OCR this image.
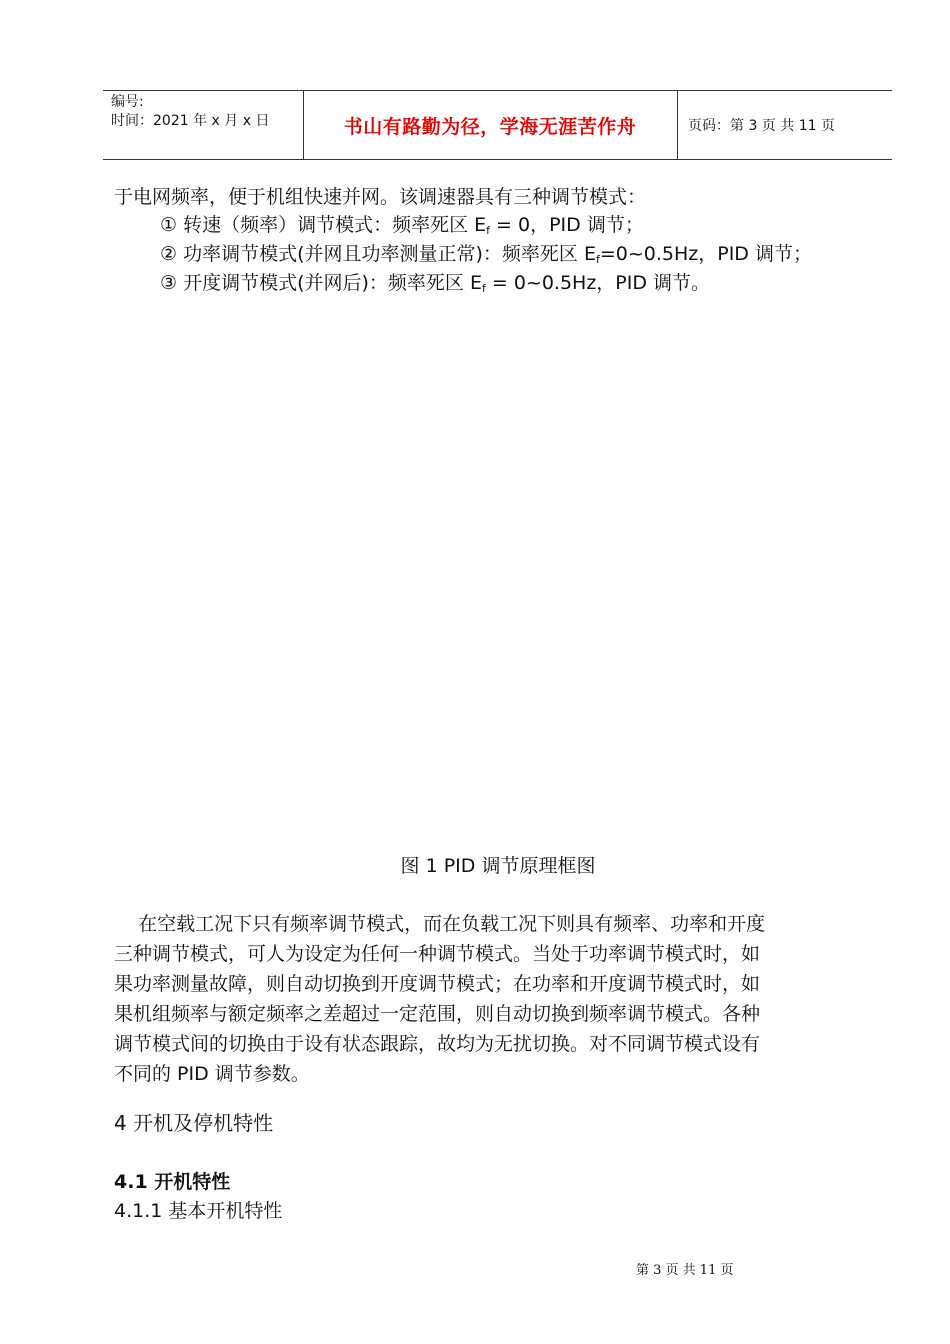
编号:
时间：2021 年 x 月 x 日	书山有路勤为径，学海无涯苦作舟	页码：第 3 页 共 11 页
于电网频率，便于机组快速并网。该调速器具有三种调节模式：
① 转速（频率）调节模式：频率死区 $E_f = 0$，PID 调节；
② 功率调节模式(并网且功率测量正常)：频率死区 $E_f=0\sim 0.5Hz$，PID 调节；
③ 开度调节模式(并网后)：频率死区 $E_f$ = 0~0.5Hz，PID 调节。
图 1 PID 调节原理框图
在空载工况下只有频率调节模式，而在负载工况下则具有频率、功率和开度
三种调节模式，可人为设定为任何一种调节模式。当处于功率调节模式时，如
果功率测量故障，则自动切换到开度调节模式；在功率和开度调节模式时，如
果机组频率与额定频率之差超过一定范围，则自动切换到频率调节模式。各种
调节模式间的切换由于设有状态跟踪，故均为无扰切换。对不同调节模式设有
不同的 PID 调节参数。
4 开机及停机特性
4.1 开机特性
4.1.1 基本开机特性
第 3 页 共 11 页
